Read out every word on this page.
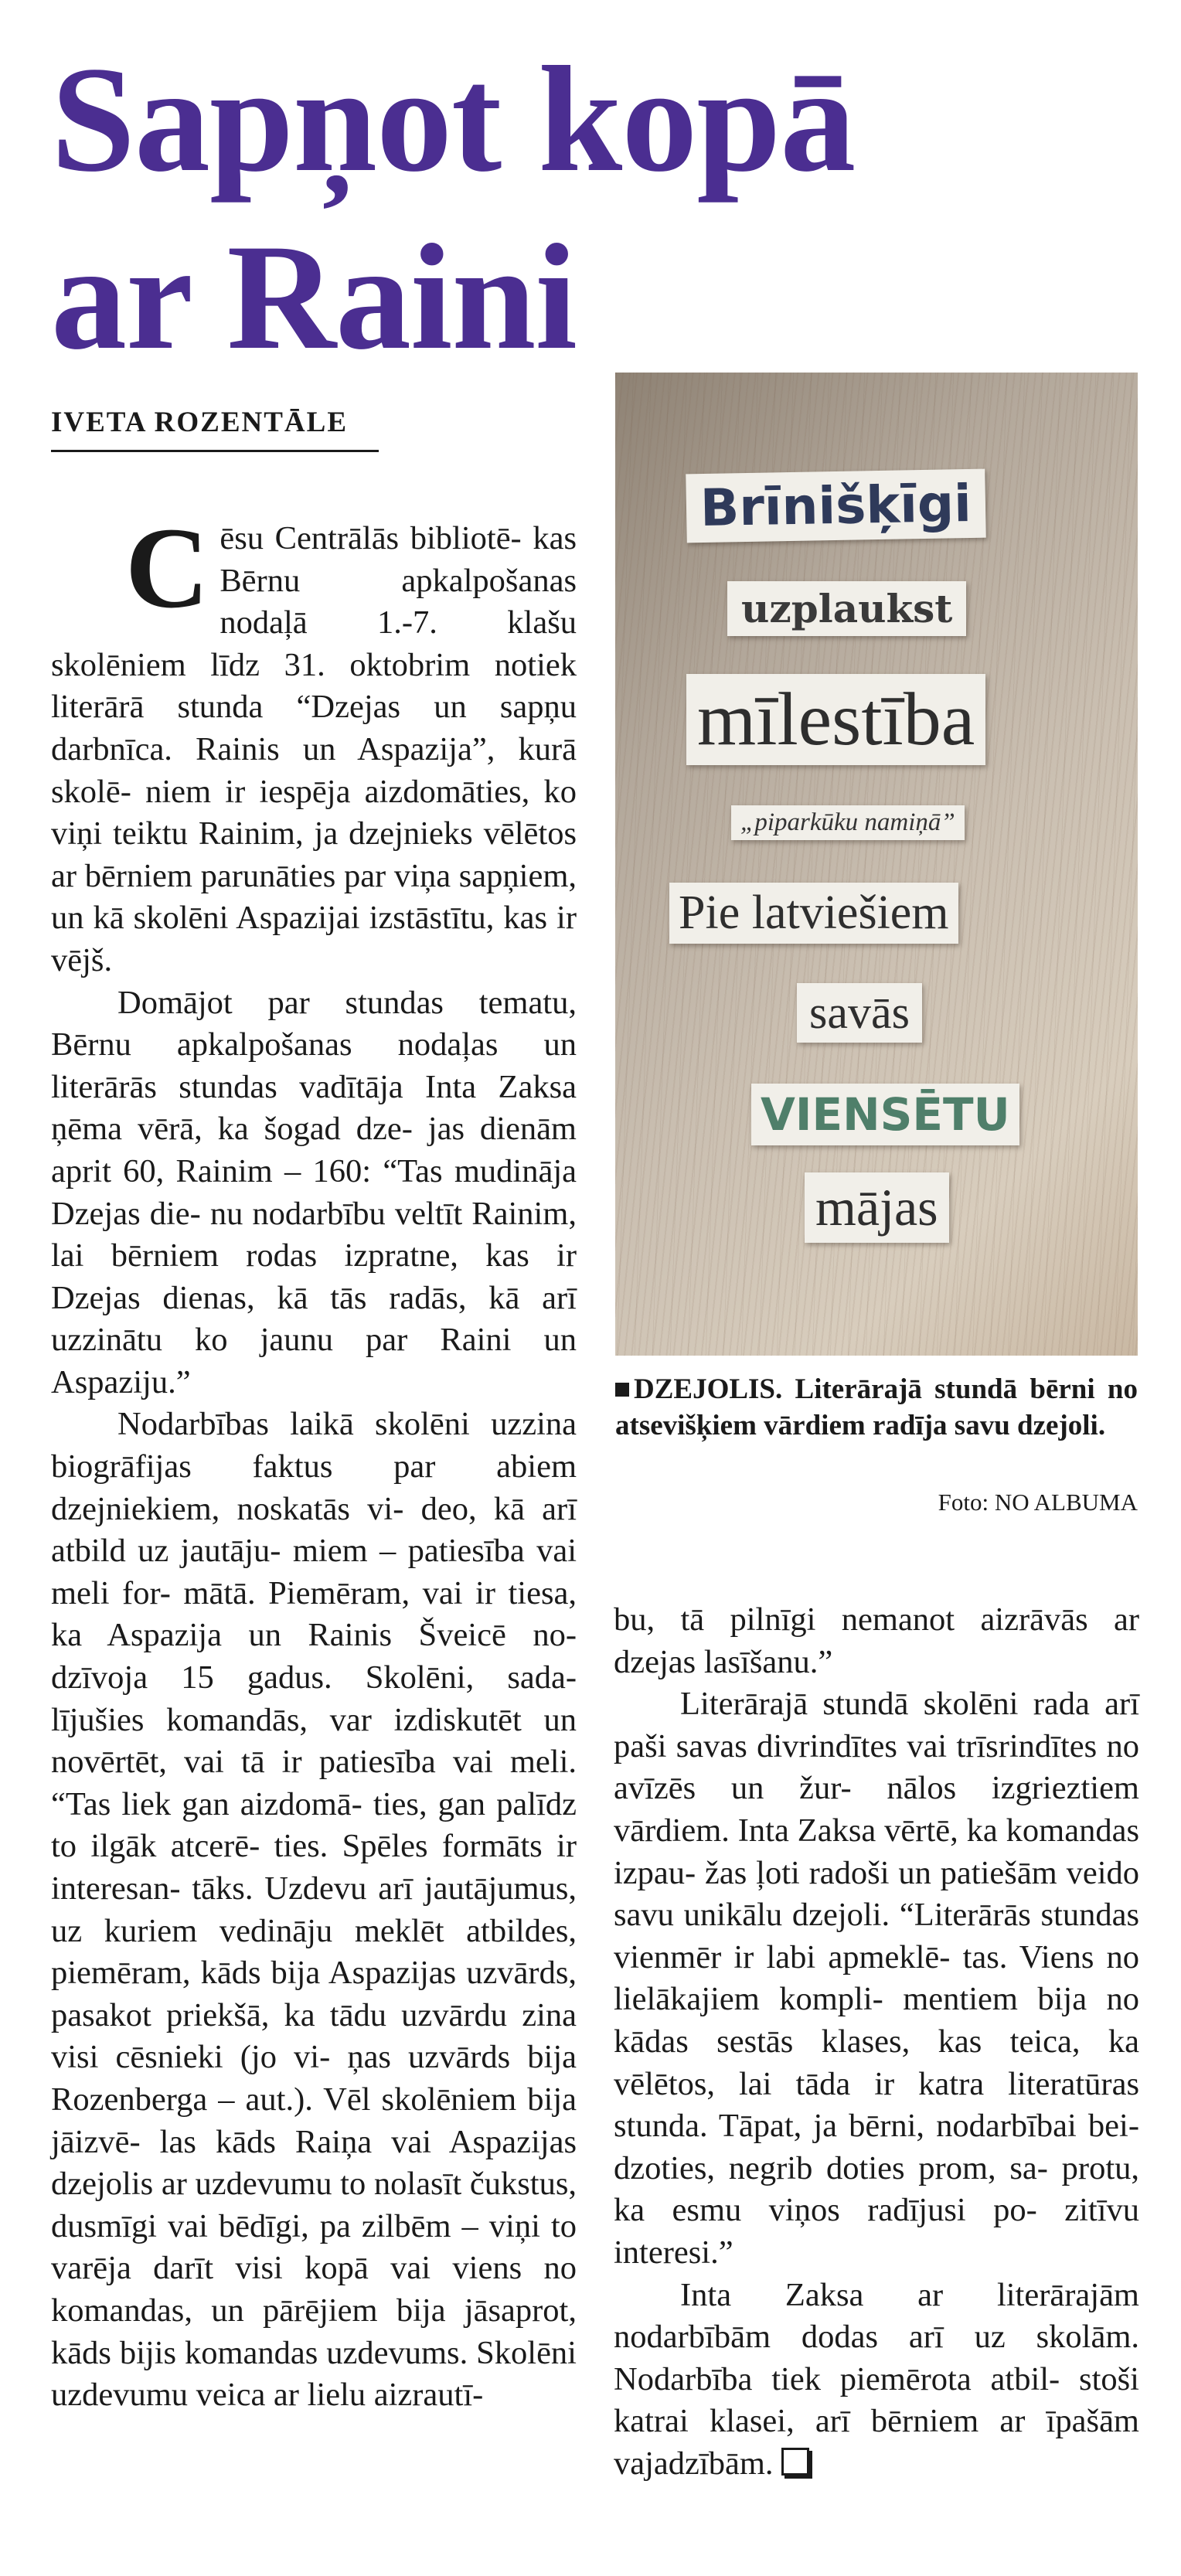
Sapņot kopā
ar Raini
IVETA ROZENTĀLE

Cēsu Centrālās bibliotē- kas Bērnu apkalpošanas nodaļā 1.-7. klašu skolēniem līdz 31. oktobrim notiek literārā stunda “Dzejas un sapņu darbnīca. Rainis un Aspazija”, kurā skolē- niem ir iespēja aizdomāties, ko viņi teiktu Rainim, ja dzejnieks vēlētos ar bērniem parunāties par viņa sapņiem, un kā skolēni Aspazijai izstāstītu, kas ir vējš.

Domājot par stundas tematu, Bērnu apkalpošanas nodaļas un literārās stundas vadītāja Inta Zaksa ņēma vērā, ka šogad dze- jas dienām aprit 60, Rainim – 160: “Tas mudināja Dzejas die- nu nodarbību veltīt Rainim, lai bērniem rodas izpratne, kas ir Dzejas dienas, kā tās radās, kā arī uzzinātu ko jaunu par Raini un Aspaziju.”

Nodarbības laikā skolēni uzzina biogrāfijas faktus par abiem dzejniekiem, noskatās vi- deo, kā arī atbild uz jautāju- miem – patiesība vai meli for- mātā. Piemēram, vai ir tiesa, ka Aspazija un Rainis Šveicē no- dzīvoja 15 gadus. Skolēni, sada- lījušies komandās, var izdiskutēt un novērtēt, vai tā ir patiesība vai meli. “Tas liek gan aizdomā- ties, gan palīdz to ilgāk atcerē- ties. Spēles formāts ir interesan- tāks. Uzdevu arī jautājumus, uz kuriem vedināju meklēt atbildes, piemēram, kāds bija Aspazijas uzvārds, pasakot priekšā, ka tādu uzvārdu zina visi cēsnieki (jo vi- ņas uzvārds bija Rozenberga – aut.). Vēl skolēniem bija jāizvē- las kāds Raiņa vai Aspazijas dzejolis ar uzdevumu to nolasīt čukstus, dusmīgi vai bēdīgi, pa zilbēm – viņi to varēja darīt visi kopā vai viens no komandas, un pārējiem bija jāsaprot, kāds bijis komandas uzdevums. Skolēni uzdevumu veica ar lielu aizrautī-

Brīnišķīgi
uzplaukst
mīlestība
„piparkūku namiņā”
Pie latviešiem
savās
VIENSĒTU
mājas
DZEJOLIS. Literārajā stundā bērni no atsevišķiem vārdiem radīja savu dzejoli.
Foto: NO ALBUMA

bu, tā pilnīgi nemanot aizrāvās ar dzejas lasīšanu.”

Literārajā stundā skolēni rada arī paši savas divrindītes vai trīsrindītes no avīzēs un žur- nālos izgrieztiem vārdiem. Inta Zaksa vērtē, ka komandas izpau- žas ļoti radoši un patiešām veido savu unikālu dzejoli. “Literārās stundas vienmēr ir labi apmeklē- tas. Viens no lielākajiem kompli- mentiem bija no kādas sestās klases, kas teica, ka vēlētos, lai tāda ir katra literatūras stunda. Tāpat, ja bērni, nodarbībai bei- dzoties, negrib doties prom, sa- protu, ka esmu viņos radījusi po- zitīvu interesi.”

Inta Zaksa ar literārajām nodarbībām dodas arī uz skolām. Nodarbība tiek piemērota atbil- stoši katrai klasei, arī bērniem ar īpašām vajadzībām.
